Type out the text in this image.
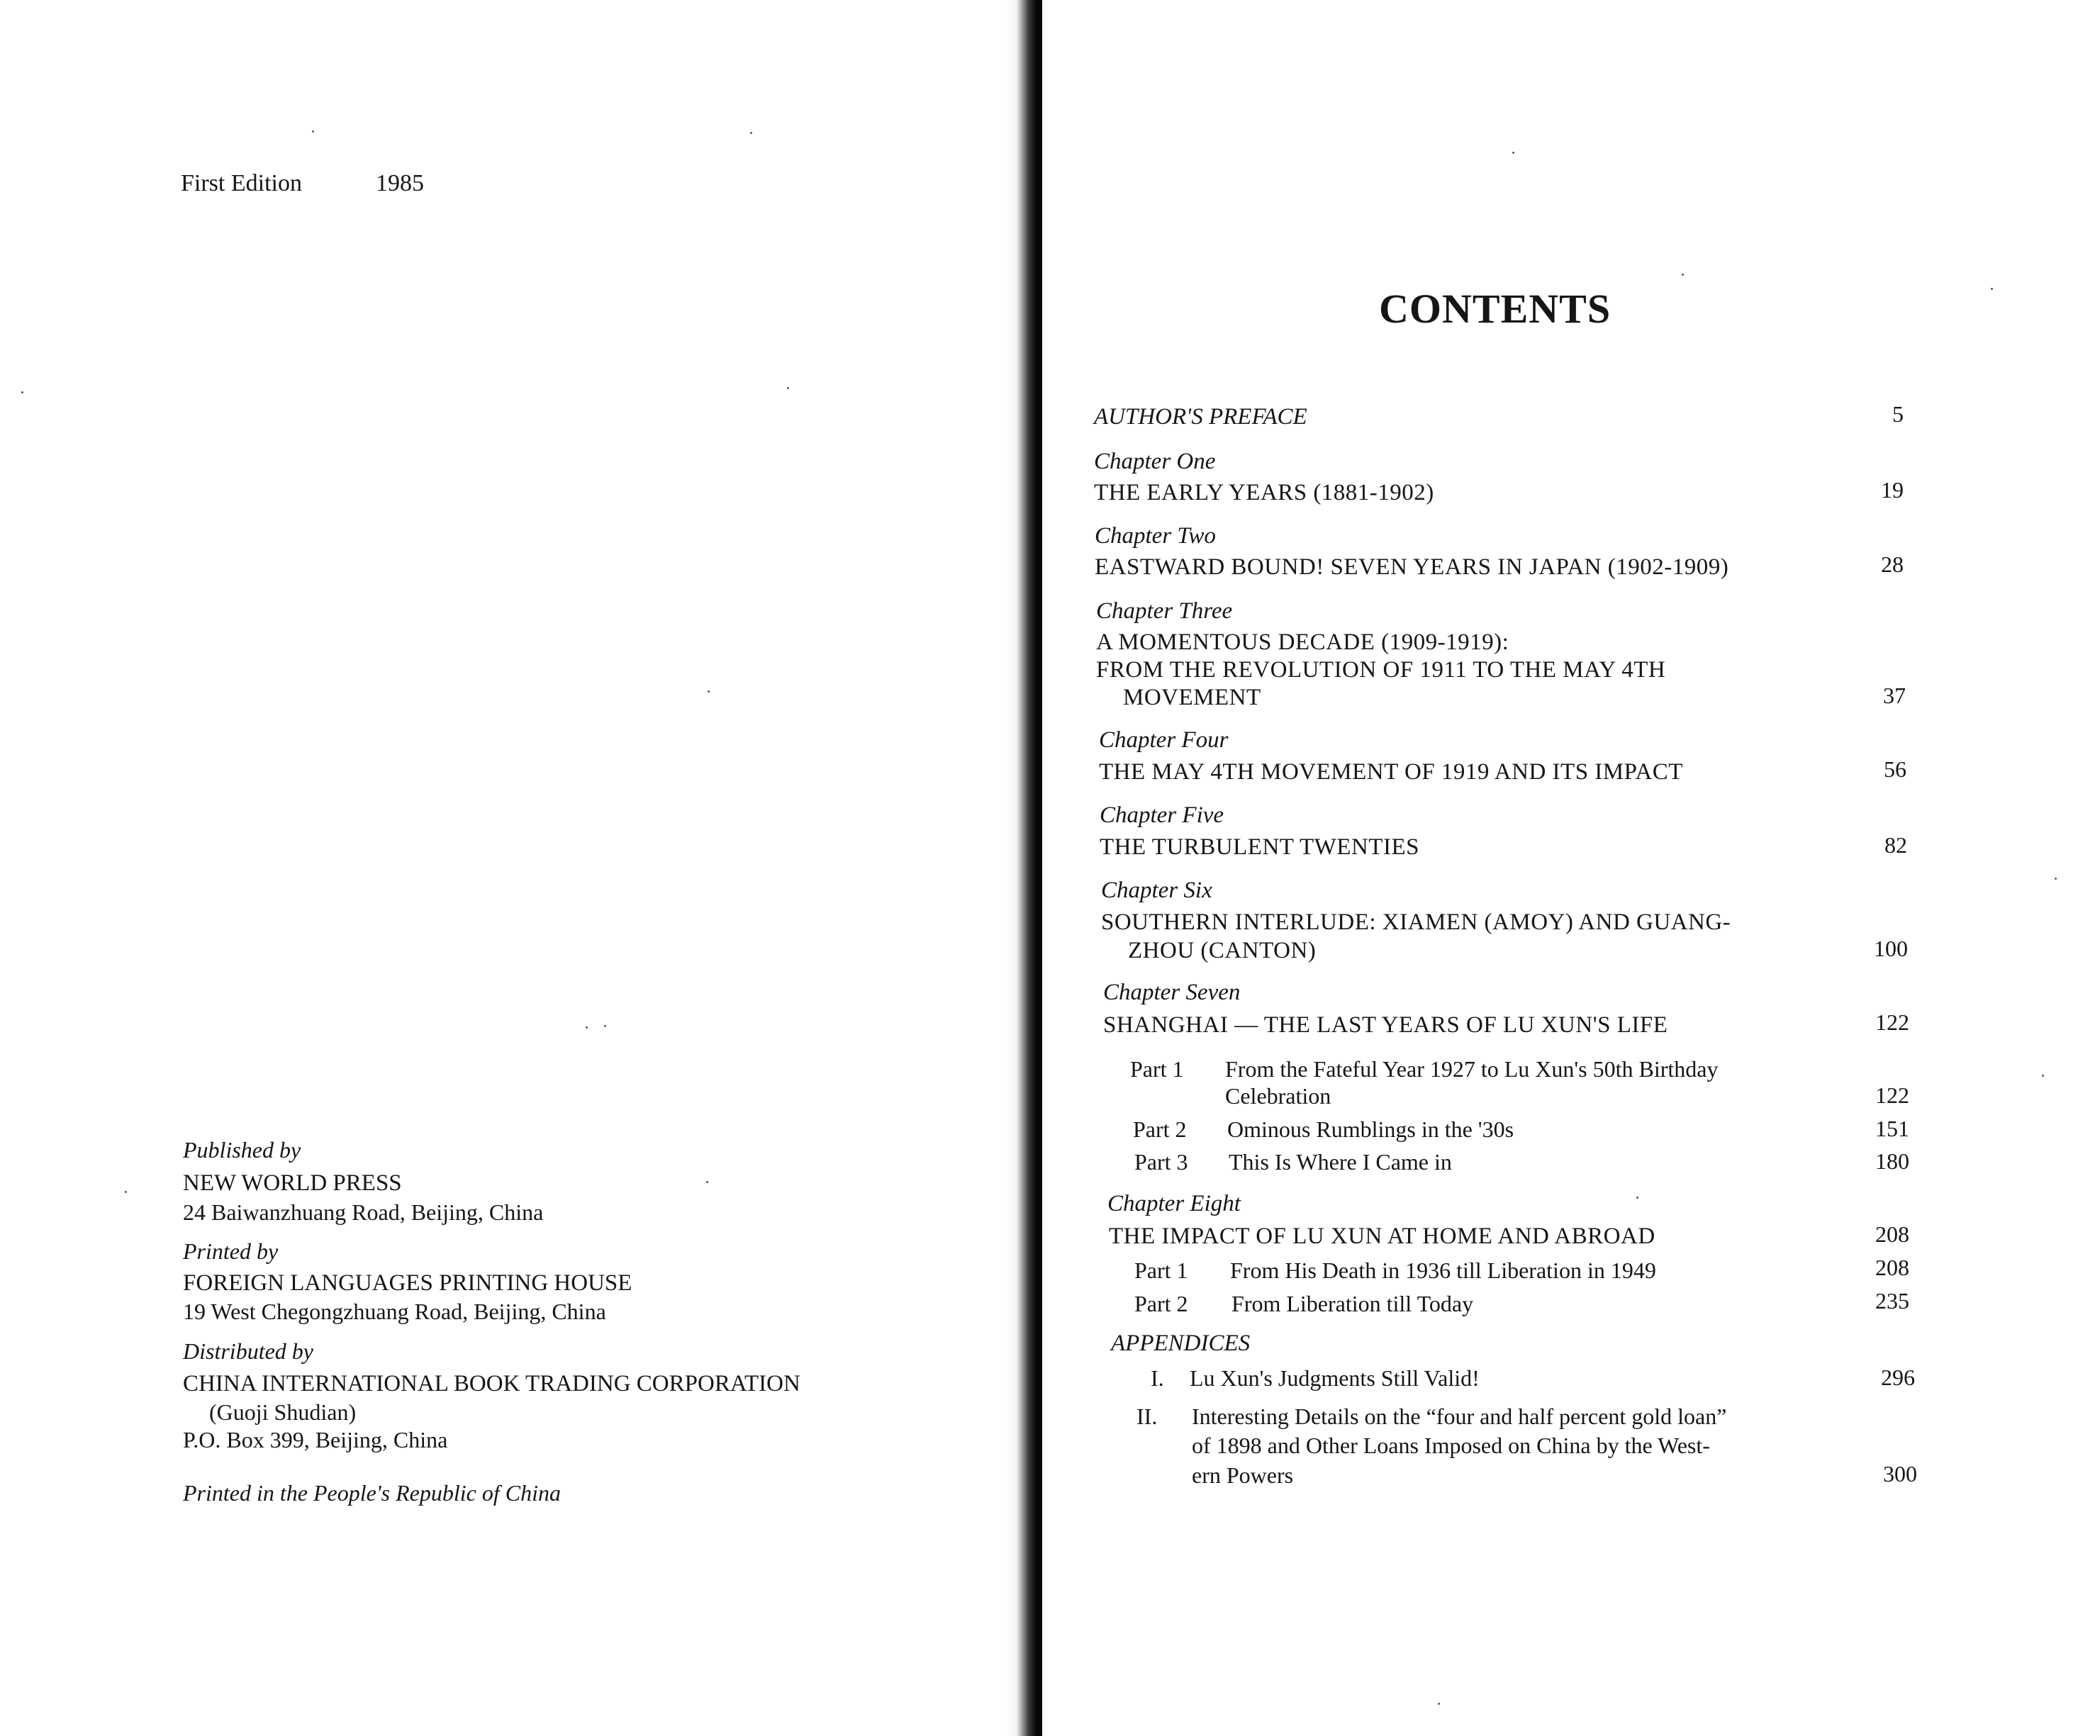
First Edition	1985
Published by
NEW WORLD PRESS
24 Baiwanzhuang Road, Beijing, China
Printed by
FOREIGN LANGUAGES PRINTING HOUSE
19 West Chegongzhuang Road, Beijing, China
Distributed by
CHINA INTERNATIONAL BOOK TRADING CORPORATION
(Guoji Shudian)
P.O. Box 399, Beijing, China
Printed in the People's Republic of China
CONTENTS
AUTHOR'S PREFACE	5
Chapter One
THE EARLY YEARS (1881-1902)	19
Chapter Two
EASTWARD BOUND! SEVEN YEARS IN JAPAN (1902-1909)	28
Chapter Three
A MOMENTOUS DECADE (1909-1919):
FROM THE REVOLUTION OF 1911 TO THE MAY 4TH
MOVEMENT	37
Chapter Four
THE MAY 4TH MOVEMENT OF 1919 AND ITS IMPACT	56
Chapter Five
THE TURBULENT TWENTIES	82
Chapter Six
SOUTHERN INTERLUDE: XIAMEN (AMOY) AND GUANG-
ZHOU (CANTON)	100
Chapter Seven
SHANGHAI — THE LAST YEARS OF LU XUN'S LIFE	122
Part 1 From the Fateful Year 1927 to Lu Xun's 50th Birthday
Celebration	122
Part 2 Ominous Rumblings in the '30s	151
Part 3 This Is Where I Came in	180
Chapter Eight
THE IMPACT OF LU XUN AT HOME AND ABROAD	208
Part 1 From His Death in 1936 till Liberation in 1949	208
Part 2 From Liberation till Today	235
APPENDICES
I. Lu Xun's Judgments Still Valid!	296
II. Interesting Details on the “four and half percent gold loan”
of 1898 and Other Loans Imposed on China by the West-
ern Powers	300
